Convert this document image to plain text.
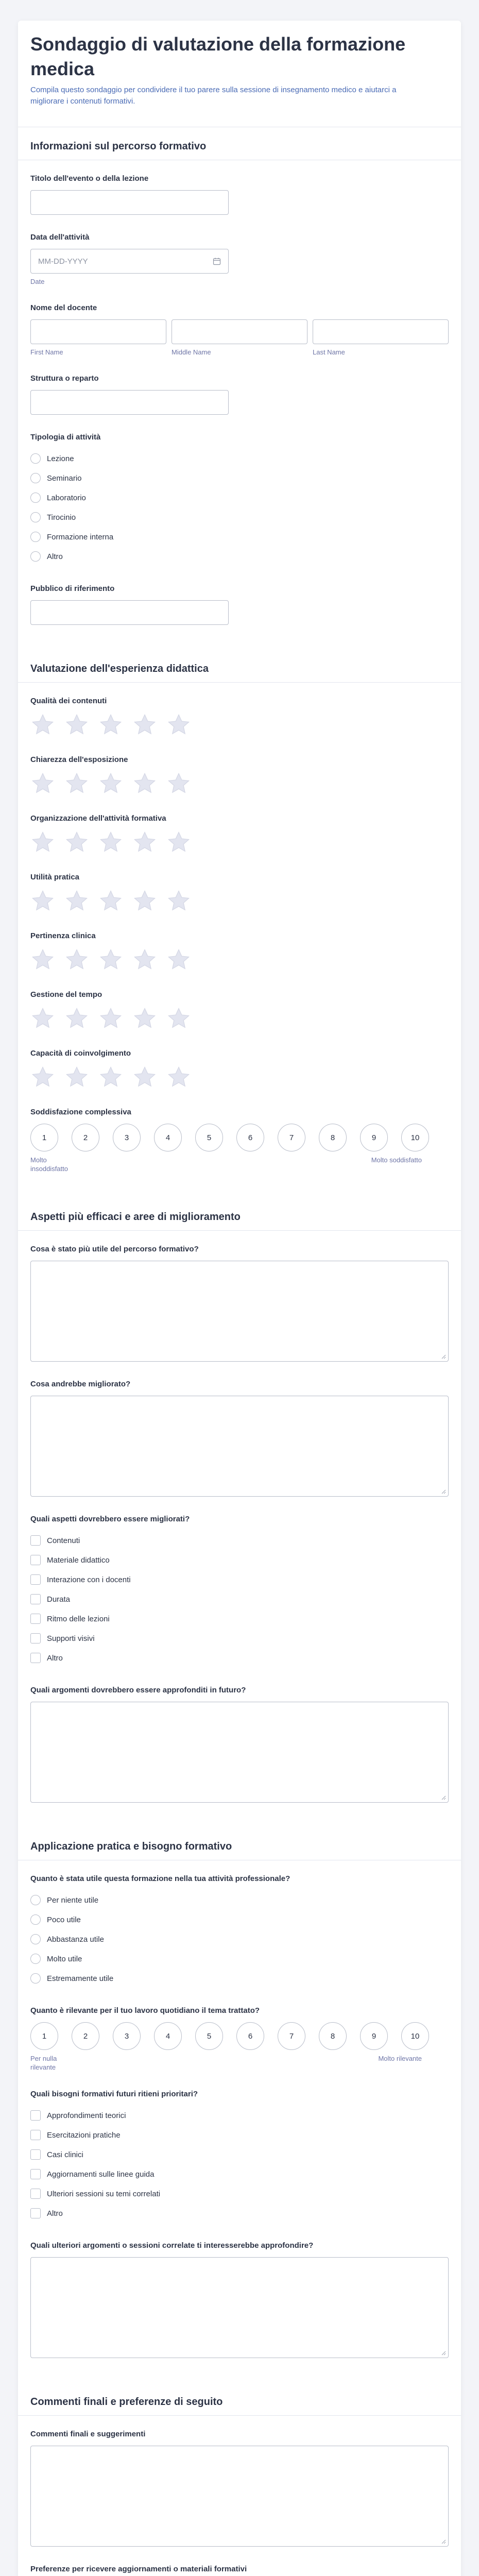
Sondaggio di valutazione della formazione medica

Compila questo sondaggio per condividere il tuo parere sulla sessione di insegnamento medico e aiutarci a migliorare i contenuti formativi.

Informazioni sul percorso formativo
Titolo dell'evento o della lezione
Data dell'attività
MM-DD-YYYY
Date
Nome del docente
First Name	Middle Name	Last Name
Struttura o reparto
Tipologia di attività
Lezione
Seminario
Laboratorio
Tirocinio
Formazione interna
Altro
Pubblico di riferimento
Valutazione dell'esperienza didattica
Qualità dei contenuti
Chiarezza dell'esposizione
Organizzazione dell'attività formativa
Utilità pratica
Pertinenza clinica
Gestione del tempo
Capacità di coinvolgimento
Soddisfazione complessiva
1	2	3	4	5	6	7	8	9	10
Molto insoddisfatto
Molto soddisfatto
Aspetti più efficaci e aree di miglioramento
Cosa è stato più utile del percorso formativo?
Cosa andrebbe migliorato?
Quali aspetti dovrebbero essere migliorati?
Contenuti
Materiale didattico
Interazione con i docenti
Durata
Ritmo delle lezioni
Supporti visivi
Altro
Quali argomenti dovrebbero essere approfonditi in futuro?
Applicazione pratica e bisogno formativo
Quanto è stata utile questa formazione nella tua attività professionale?
Per niente utile
Poco utile
Abbastanza utile
Molto utile
Estremamente utile
Quanto è rilevante per il tuo lavoro quotidiano il tema trattato?
1	2	3	4	5	6	7	8	9	10
Per nulla rilevante
Molto rilevante
Quali bisogni formativi futuri ritieni prioritari?
Approfondimenti teorici
Esercitazioni pratiche
Casi clinici
Aggiornamenti sulle linee guida
Ulteriori sessioni su temi correlati
Altro
Quali ulteriori argomenti o sessioni correlate ti interesserebbe approfondire?
Commenti finali e preferenze di seguito
Commenti finali e suggerimenti
Preferenze per ricevere aggiornamenti o materiali formativi
